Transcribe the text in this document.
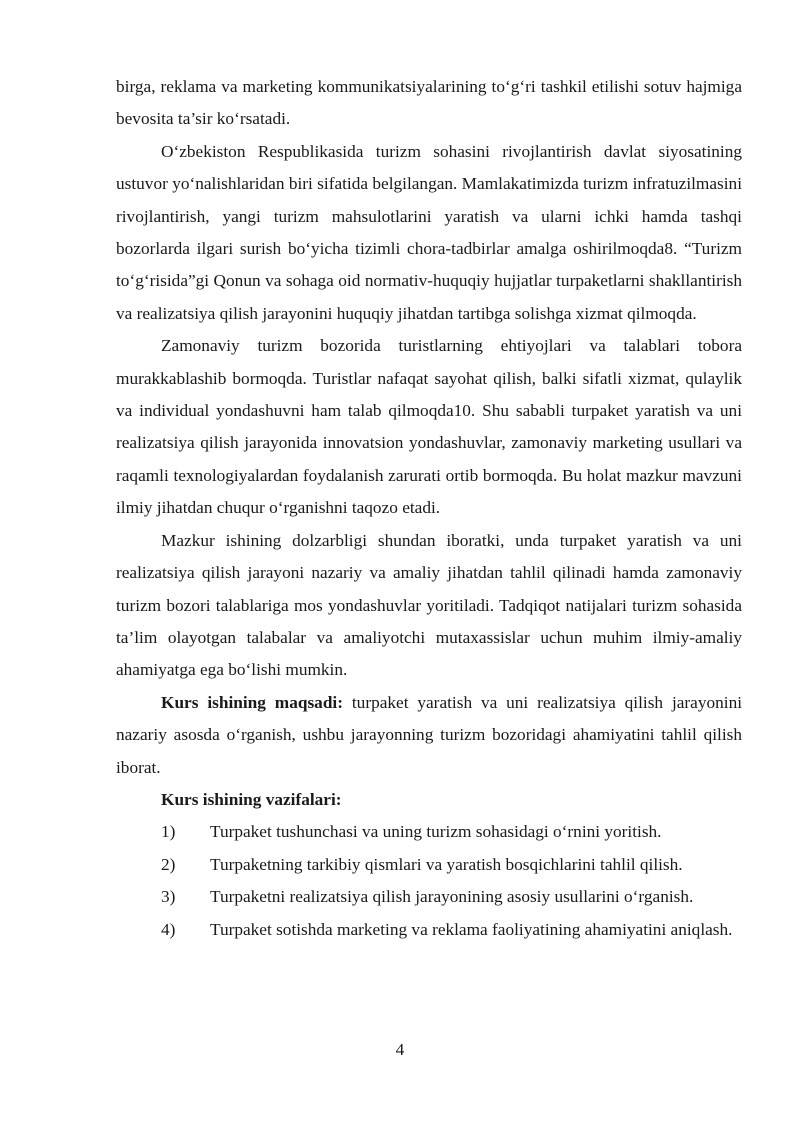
birga, reklama va marketing kommunikatsiyalarining to‘g‘ri tashkil etilishi sotuv hajmiga bevosita ta’sir ko‘rsatadi.

O‘zbekiston Respublikasida turizm sohasini rivojlantirish davlat siyosatining ustuvor yo‘nalishlaridan biri sifatida belgilangan. Mamlakatimizda turizm infratuzilmasini rivojlantirish, yangi turizm mahsulotlarini yaratish va ularni ichki hamda tashqi bozorlarda ilgari surish bo‘yicha tizimli chora-tadbirlar amalga oshirilmoqda8. “Turizm to‘g‘risida”gi Qonun va sohaga oid normativ-huquqiy hujjatlar turpaketlarni shakllantirish va realizatsiya qilish jarayonini huquqiy jihatdan tartibga solishga xizmat qilmoqda.

Zamonaviy turizm bozorida turistlarning ehtiyojlari va talablari tobora murakkablashib bormoqda. Turistlar nafaqat sayohat qilish, balki sifatli xizmat, qulaylik va individual yondashuvni ham talab qilmoqda10. Shu sababli turpaket yaratish va uni realizatsiya qilish jarayonida innovatsion yondashuvlar, zamonaviy marketing usullari va raqamli texnologiyalardan foydalanish zarurati ortib bormoqda. Bu holat mazkur mavzuni ilmiy jihatdan chuqur o‘rganishni taqozo etadi.

Mazkur ishining dolzarbligi shundan iboratki, unda turpaket yaratish va uni realizatsiya qilish jarayoni nazariy va amaliy jihatdan tahlil qilinadi hamda zamonaviy turizm bozori talablariga mos yondashuvlar yoritiladi. Tadqiqot natijalari turizm sohasida ta’lim olayotgan talabalar va amaliyotchi mutaxassislar uchun muhim ilmiy-amaliy ahamiyatga ega bo‘lishi mumkin.

Kurs ishining maqsadi: turpaket yaratish va uni realizatsiya qilish jarayonini nazariy asosda o‘rganish, ushbu jarayonning turizm bozoridagi ahamiyatini tahlil qilish iborat.

Kurs ishining vazifalari:

1) Turpaket tushunchasi va uning turizm sohasidagi o‘rnini yoritish.

2) Turpaketning tarkibiy qismlari va yaratish bosqichlarini tahlil qilish.

3) Turpaketni realizatsiya qilish jarayonining asosiy usullarini o‘rganish.

4) Turpaket sotishda marketing va reklama faoliyatining ahamiyatini aniqlash.

4
